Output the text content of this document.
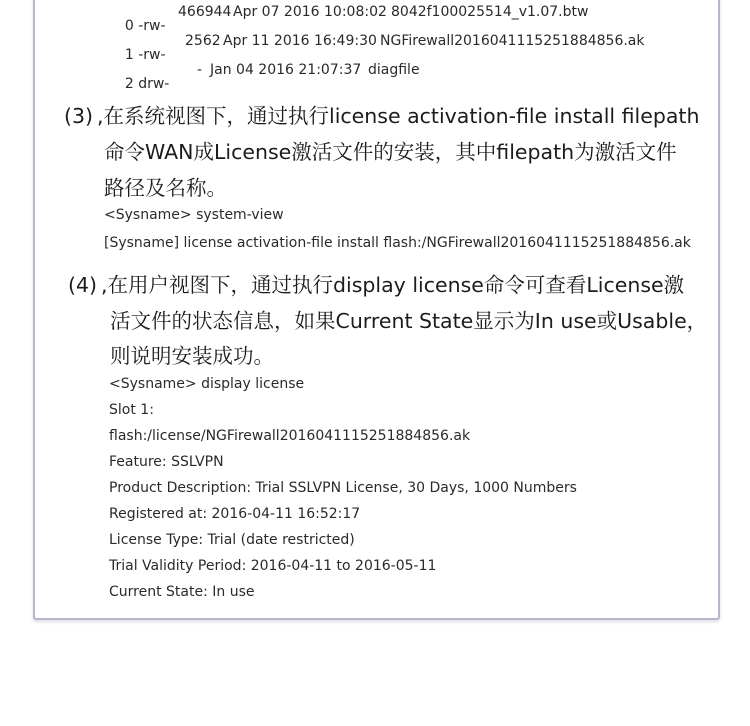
0 -rw-

466944 Apr 07 2016 10:08:02 8042f100025514_v1.07.btw

1 -rw-

2562 Apr 11 2016 16:49:30 NGFirewall2016041115251884856.ak

2 drw-

- Jan 04 2016 21:07:37 diagfile
(3) ,在系统视图下，通过执行license activation-file install filepath
命令WAN成License激活文件的安装，其中filepath为激活文件
路径及名称。
<Sysname> system-view
[Sysname] license activation-file install flash:/NGFirewall2016041115251884856.ak
(4) ,在用户视图下，通过执行display license命令可查看License激
活文件的状态信息，如果Current State显示为In use或Usable，
则说明安装成功。
<Sysname> display license
Slot 1:
flash:/license/NGFirewall2016041115251884856.ak
Feature: SSLVPN
Product Description: Trial SSLVPN License, 30 Days, 1000 Numbers
Registered at: 2016-04-11 16:52:17
License Type: Trial (date restricted)
Trial Validity Period: 2016-04-11 to 2016-05-11
Current State: In use
